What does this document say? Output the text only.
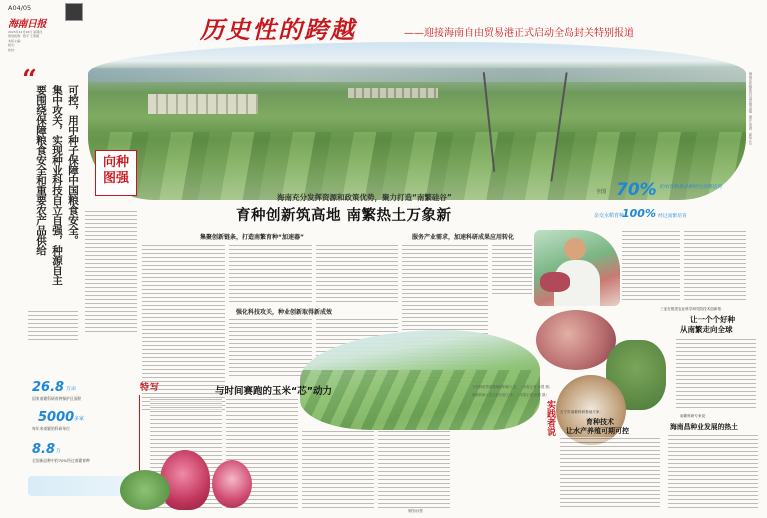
A04/05
海南日报
2025年12月18日 星期四
策划统筹：陈平 王黎刚
本版主编：
版式：
检校：
历史性的跨越	——迎接海南自由贸易港正式启动全岛封关特别报道
海南乐东黎族自治县抱由镇（图片来源：新华社）
“
可控，用中种子保障中国粮食安全。
集中攻关，实现种业科技自立自强，种源自主
要围绕保障粮食安全和重要农产品供给	向种图强
海南充分发挥资源和政策优势，聚力打造“南繁硅谷”
育种创新筑高地 南繁热土万象新
全国 70% 的农作物新品种经过南繁培育
杂交水稻育种
100% 经过南繁培育
集聚创新链条，打造南繁育种“加速器”
强化科技攻关，种业创新取得新成效
服务产业需求，加速科研成果应用转化
三亚在推进农业科学研究院技术创新报：
让一个个好种
从南繁走向全球
26.8 万亩
国家南繁科研育种保护区面积
5000 多家
每年来南繁的科研单位
8.8 万
全国新品种中约70%经过南繁育种
特写	与时间赛跑的玉米“芯”动力
实践者说	万宁市南繁科研基地专家：
育种技术
让水产养殖可期可控
南繁科研专家说：
海南昌种业发展的热土
文昌种质资源基地的科研人员。（本报记者 孙慧 摄）
南繁科研人员正在田间工作。（本报记者 孙慧 摄）
制图/孙慧
